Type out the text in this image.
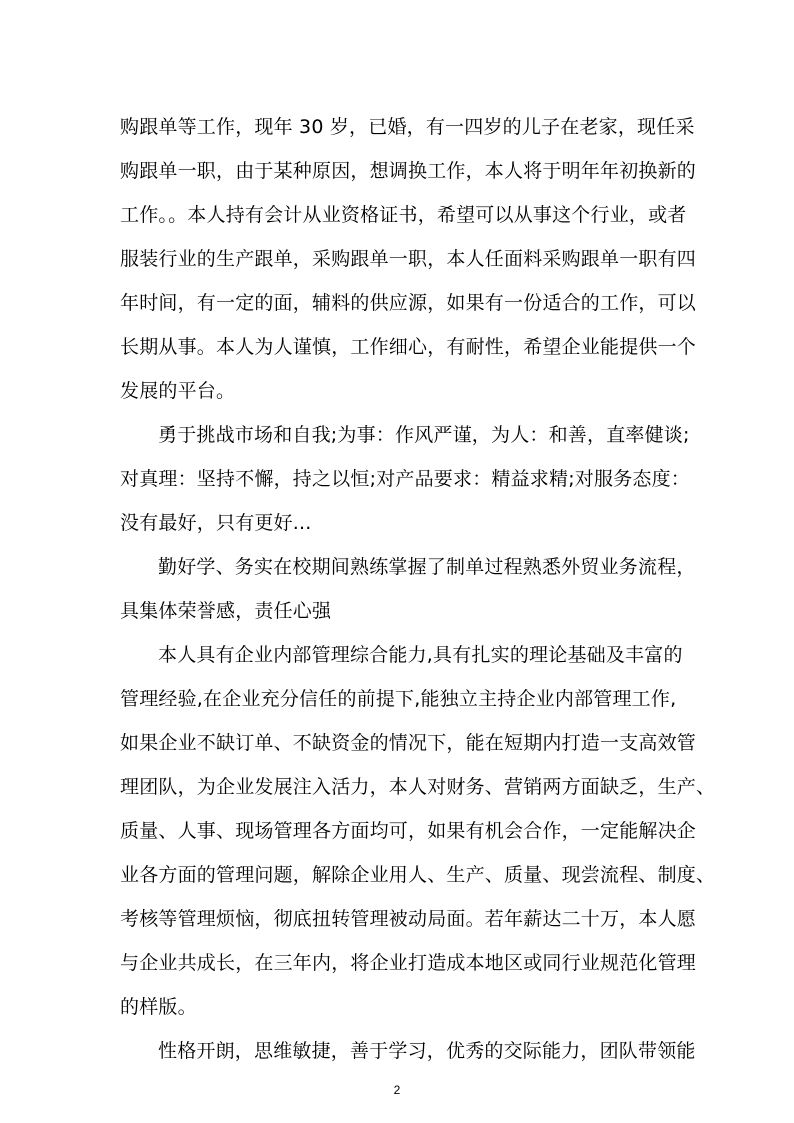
购跟单等工作，现年 30 岁，已婚，有一四岁的儿子在老家，现任采
购跟单一职，由于某种原因，想调换工作，本人将于明年年初换新的
工作。。本人持有会计从业资格证书，希望可以从事这个行业，或者
服装行业的生产跟单，采购跟单一职，本人任面料采购跟单一职有四
年时间，有一定的面，辅料的供应源，如果有一份适合的工作，可以
长期从事。本人为人谨慎，工作细心，有耐性，希望企业能提供一个
发展的平台。
勇于挑战市场和自我;为事：作风严谨，为人：和善，直率健谈;
对真理：坚持不懈，持之以恒;对产品要求：精益求精;对服务态度：
没有最好，只有更好...
勤好学、务实在校期间熟练掌握了制单过程熟悉外贸业务流程，
具集体荣誉感，责任心强
本人具有企业内部管理综合能力,具有扎实的理论基础及丰富的
管理经验,在企业充分信任的前提下,能独立主持企业内部管理工作,
如果企业不缺订单、不缺资金的情况下，能在短期内打造一支高效管
理团队，为企业发展注入活力，本人对财务、营销两方面缺乏，生产、
质量、人事、现场管理各方面均可，如果有机会合作，一定能解决企
业各方面的管理问题，解除企业用人、生产、质量、现尝流程、制度、
考核等管理烦恼，彻底扭转管理被动局面。若年薪达二十万，本人愿
与企业共成长，在三年内，将企业打造成本地区或同行业规范化管理
的样版。
性格开朗，思维敏捷，善于学习，优秀的交际能力，团队带领能
2
